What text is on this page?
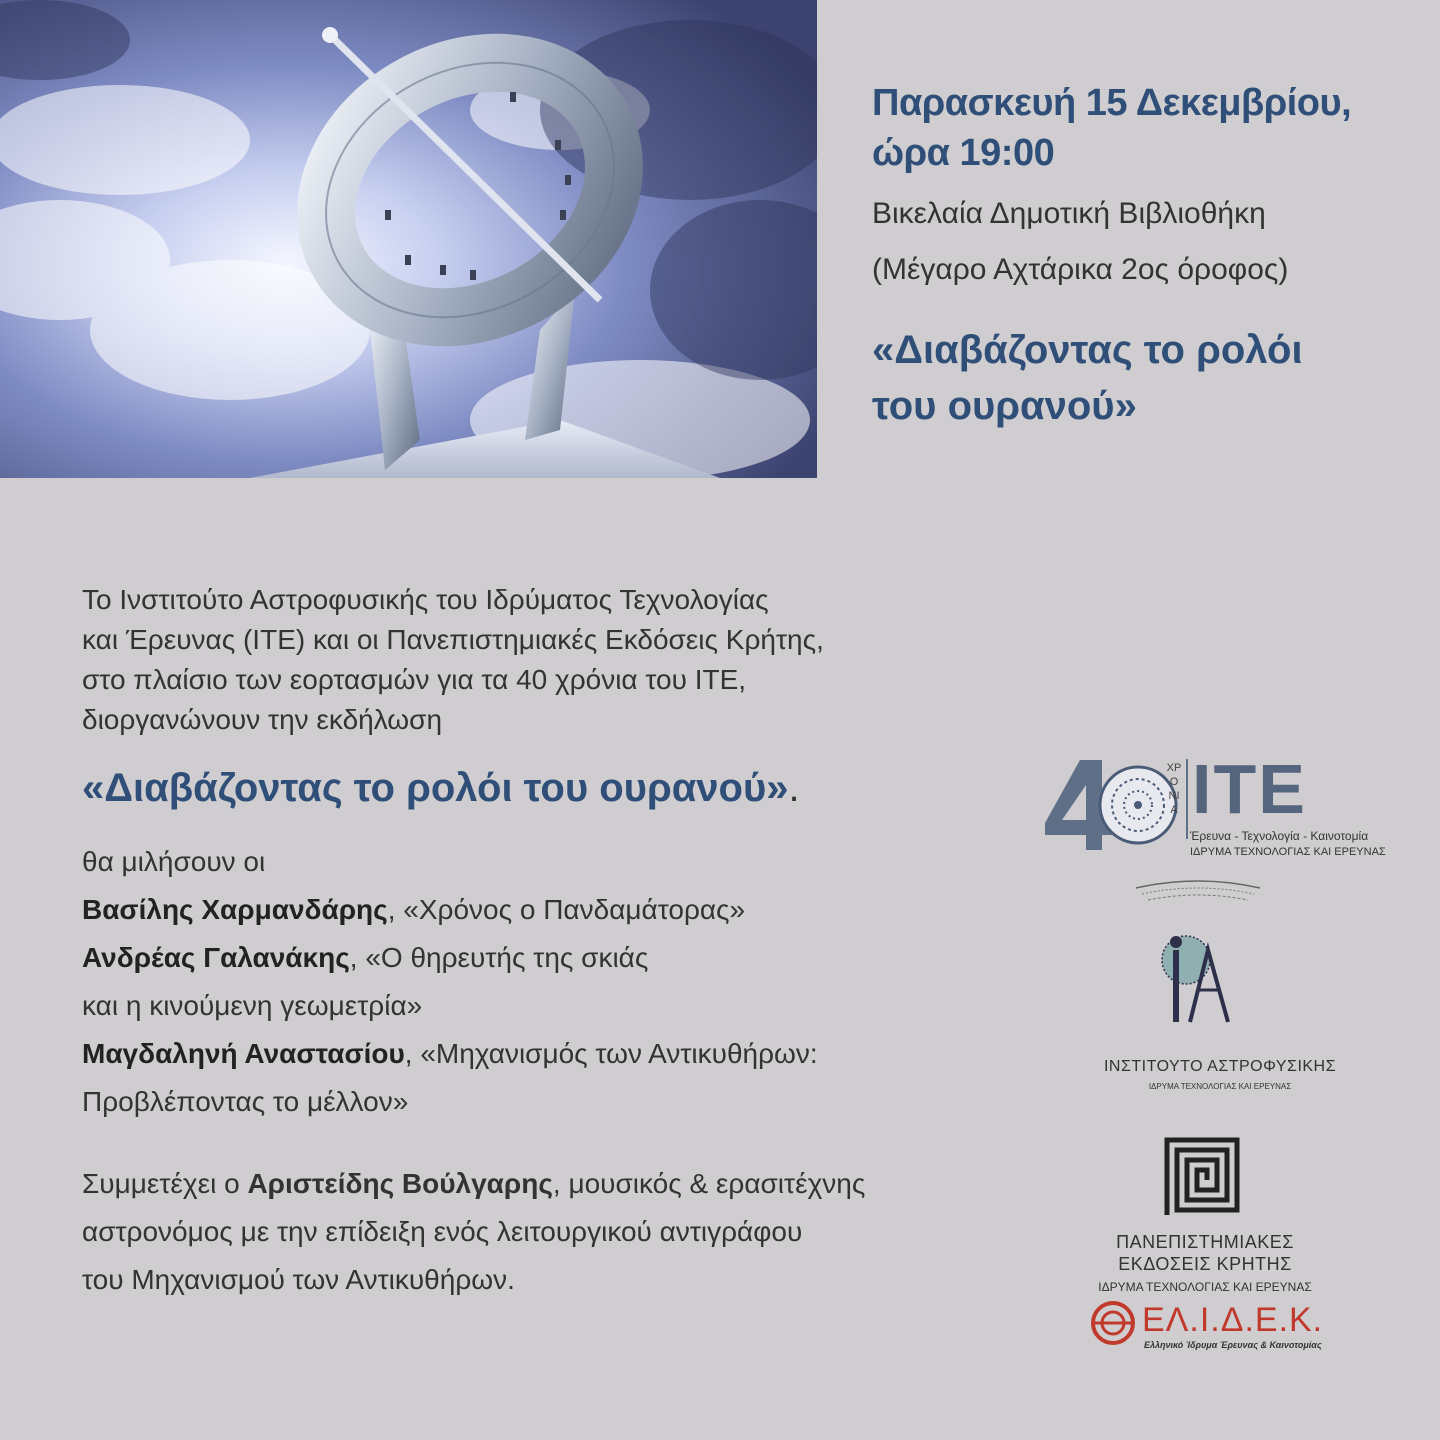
Παρασκευή 15 Δεκεμβρίου,

ώρα 19:00

Βικελαία Δημοτική Βιβλιοθήκη

(Μέγαρο Αχτάρικα 2ος όροφος)

«Διαβάζοντας το ρολόι
του ουρανού»

Το Ινστιτούτο Αστροφυσικής του Ιδρύματος Τεχνολογίας

και Έρευνας (ΙΤΕ) και οι Πανεπιστημιακές Εκδόσεις Κρήτης,

στο πλαίσιο των εορτασμών για τα 40 χρόνια του ΙΤΕ,

διοργανώνουν την εκδήλωση

«Διαβάζοντας το ρολόι του ουρανού».
θα μιλήσουν οι
Βασίλης Χαρμανδάρης, «Χρόνος ο Πανδαμάτορας»
Ανδρέας Γαλανάκης, «Ο θηρευτής της σκιάς
και η κινούμενη γεωμετρία»
Μαγδαληνή Αναστασίου, «Μηχανισμός των Αντικυθήρων:
Προβλέποντας το μέλλον»
Συμμετέχει ο Αριστείδης Βούλγαρης, μουσικός & ερασιτέχνης
αστρονόμος με την επίδειξη ενός λειτουργικού αντιγράφου
του Μηχανισμού των Αντικυθήρων.
ΧΡΟΝΙΑ ΙΤΕ
Έρευνα - Τεχνολογία - Καινοτομία
ΙΔΡΥΜΑ ΤΕΧΝΟΛΟΓΙΑΣ ΚΑΙ ΕΡΕΥΝΑΣ
ΙΝΣΤΙΤΟΥΤΟ ΑΣΤΡΟΦΥΣΙΚΗΣ
ΙΔΡΥΜΑ ΤΕΧΝΟΛΟΓΙΑΣ ΚΑΙ ΕΡΕΥΝΑΣ
ΠΑΝΕΠΙΣΤΗΜΙΑΚΕΣ
ΕΚΔΟΣΕΙΣ ΚΡΗΤΗΣ
ΙΔΡΥΜΑ ΤΕΧΝΟΛΟΓΙΑΣ ΚΑΙ ΕΡΕΥΝΑΣ
ΕΛ.Ι.Δ.Ε.Κ.
Ελληνικό Ίδρυμα Έρευνας & Καινοτομίας
